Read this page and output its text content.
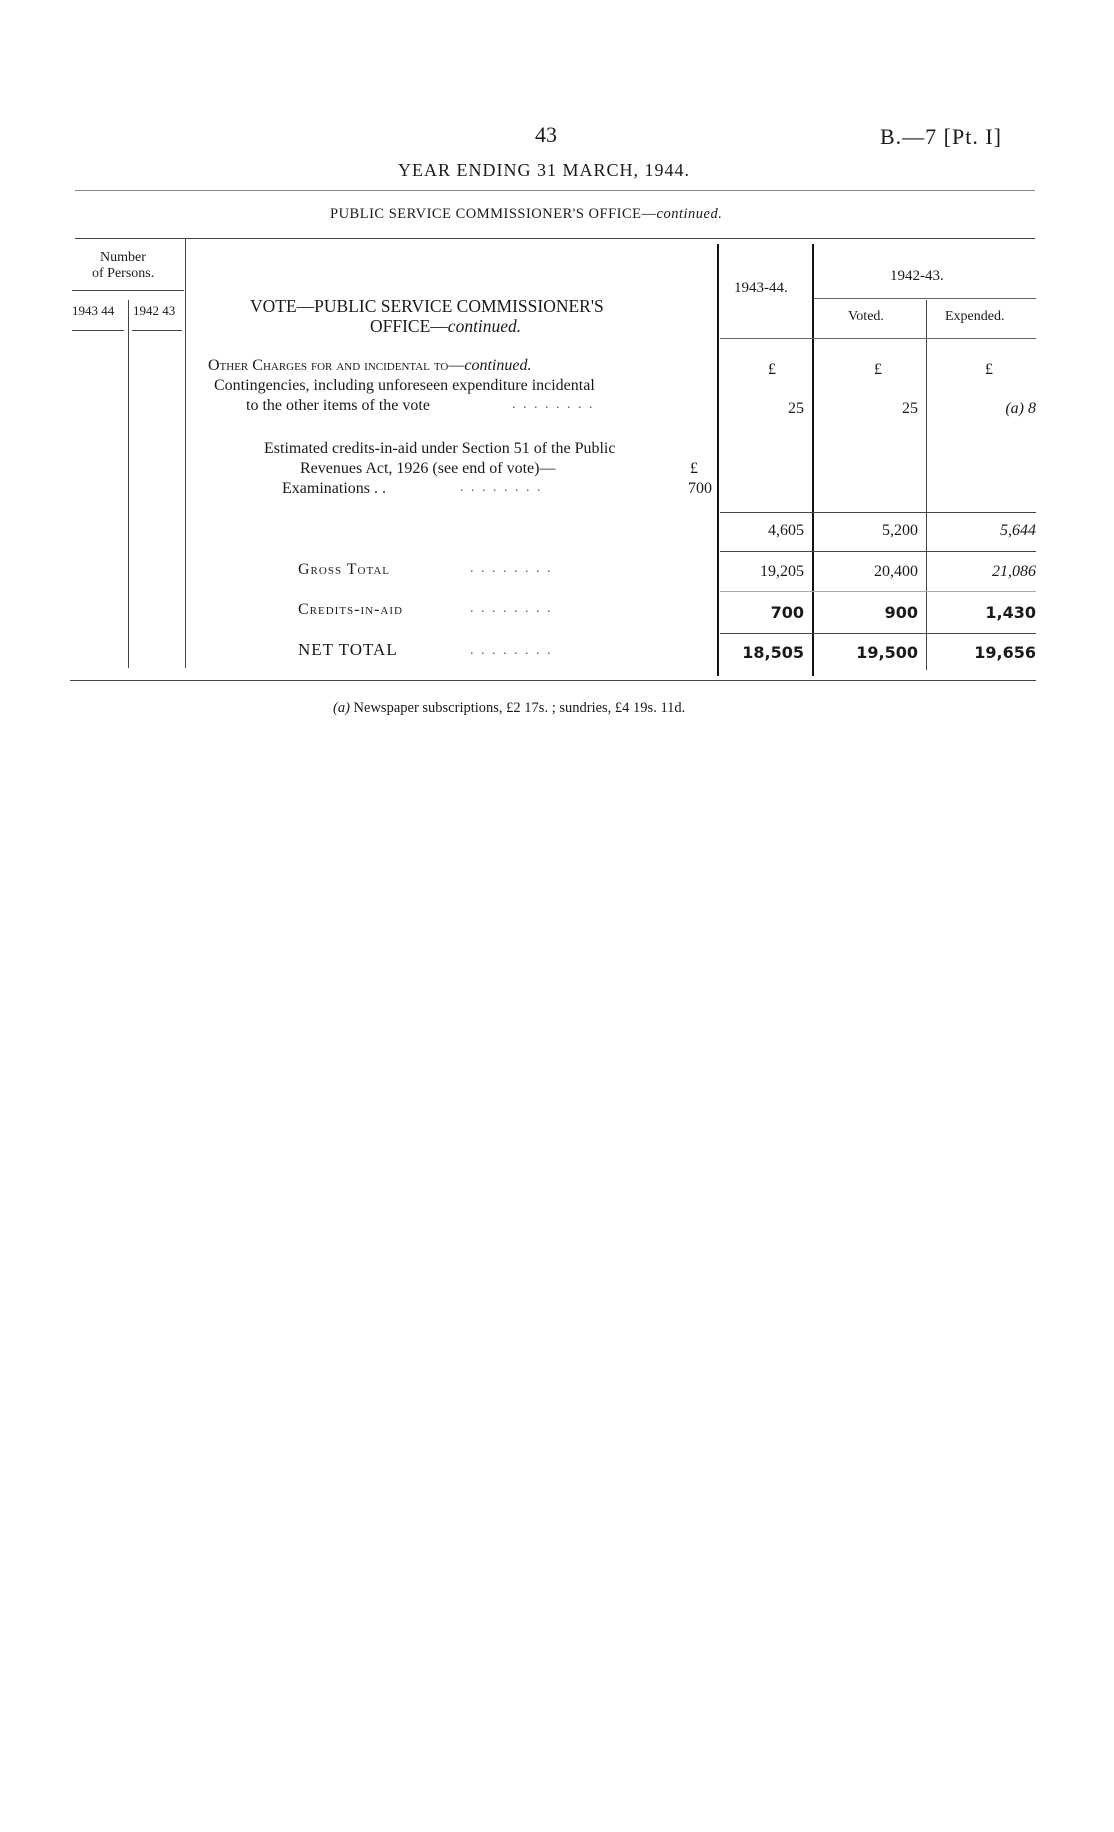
43	B.—7 [Pt. I]
YEAR ENDING 31 MARCH, 1944.
PUBLIC SERVICE COMMISSIONER'S OFFICE—continued.
Number
of Persons.
1943 44 1942 43	VOTE—PUBLIC SERVICE COMMISSIONER'S
OFFICE—continued.
1943-44.
1942-43.
Voted.	Expended.
Other Charges for and incidental to—continued.
Contingencies, including unforeseen expenditure incidental
to the other items of the vote	. . . . . . . .
£	£	£
25	25	(a) 8
Estimated credits-in-aid under Section 51 of the Public
Revenues Act, 1926 (see end of vote)—	£
Examinations . .	. . . . . . . .	700
4,605	5,200	5,644
Gross Total	. . . . . . . .	19,205	20,400	21,086
Credits-in-aid	. . . . . . . .	700	900	1,430
NET TOTAL	. . . . . . . .	18,505	19,500	19,656
(a) Newspaper subscriptions, £2 17s. ; sundries, £4 19s. 11d.
